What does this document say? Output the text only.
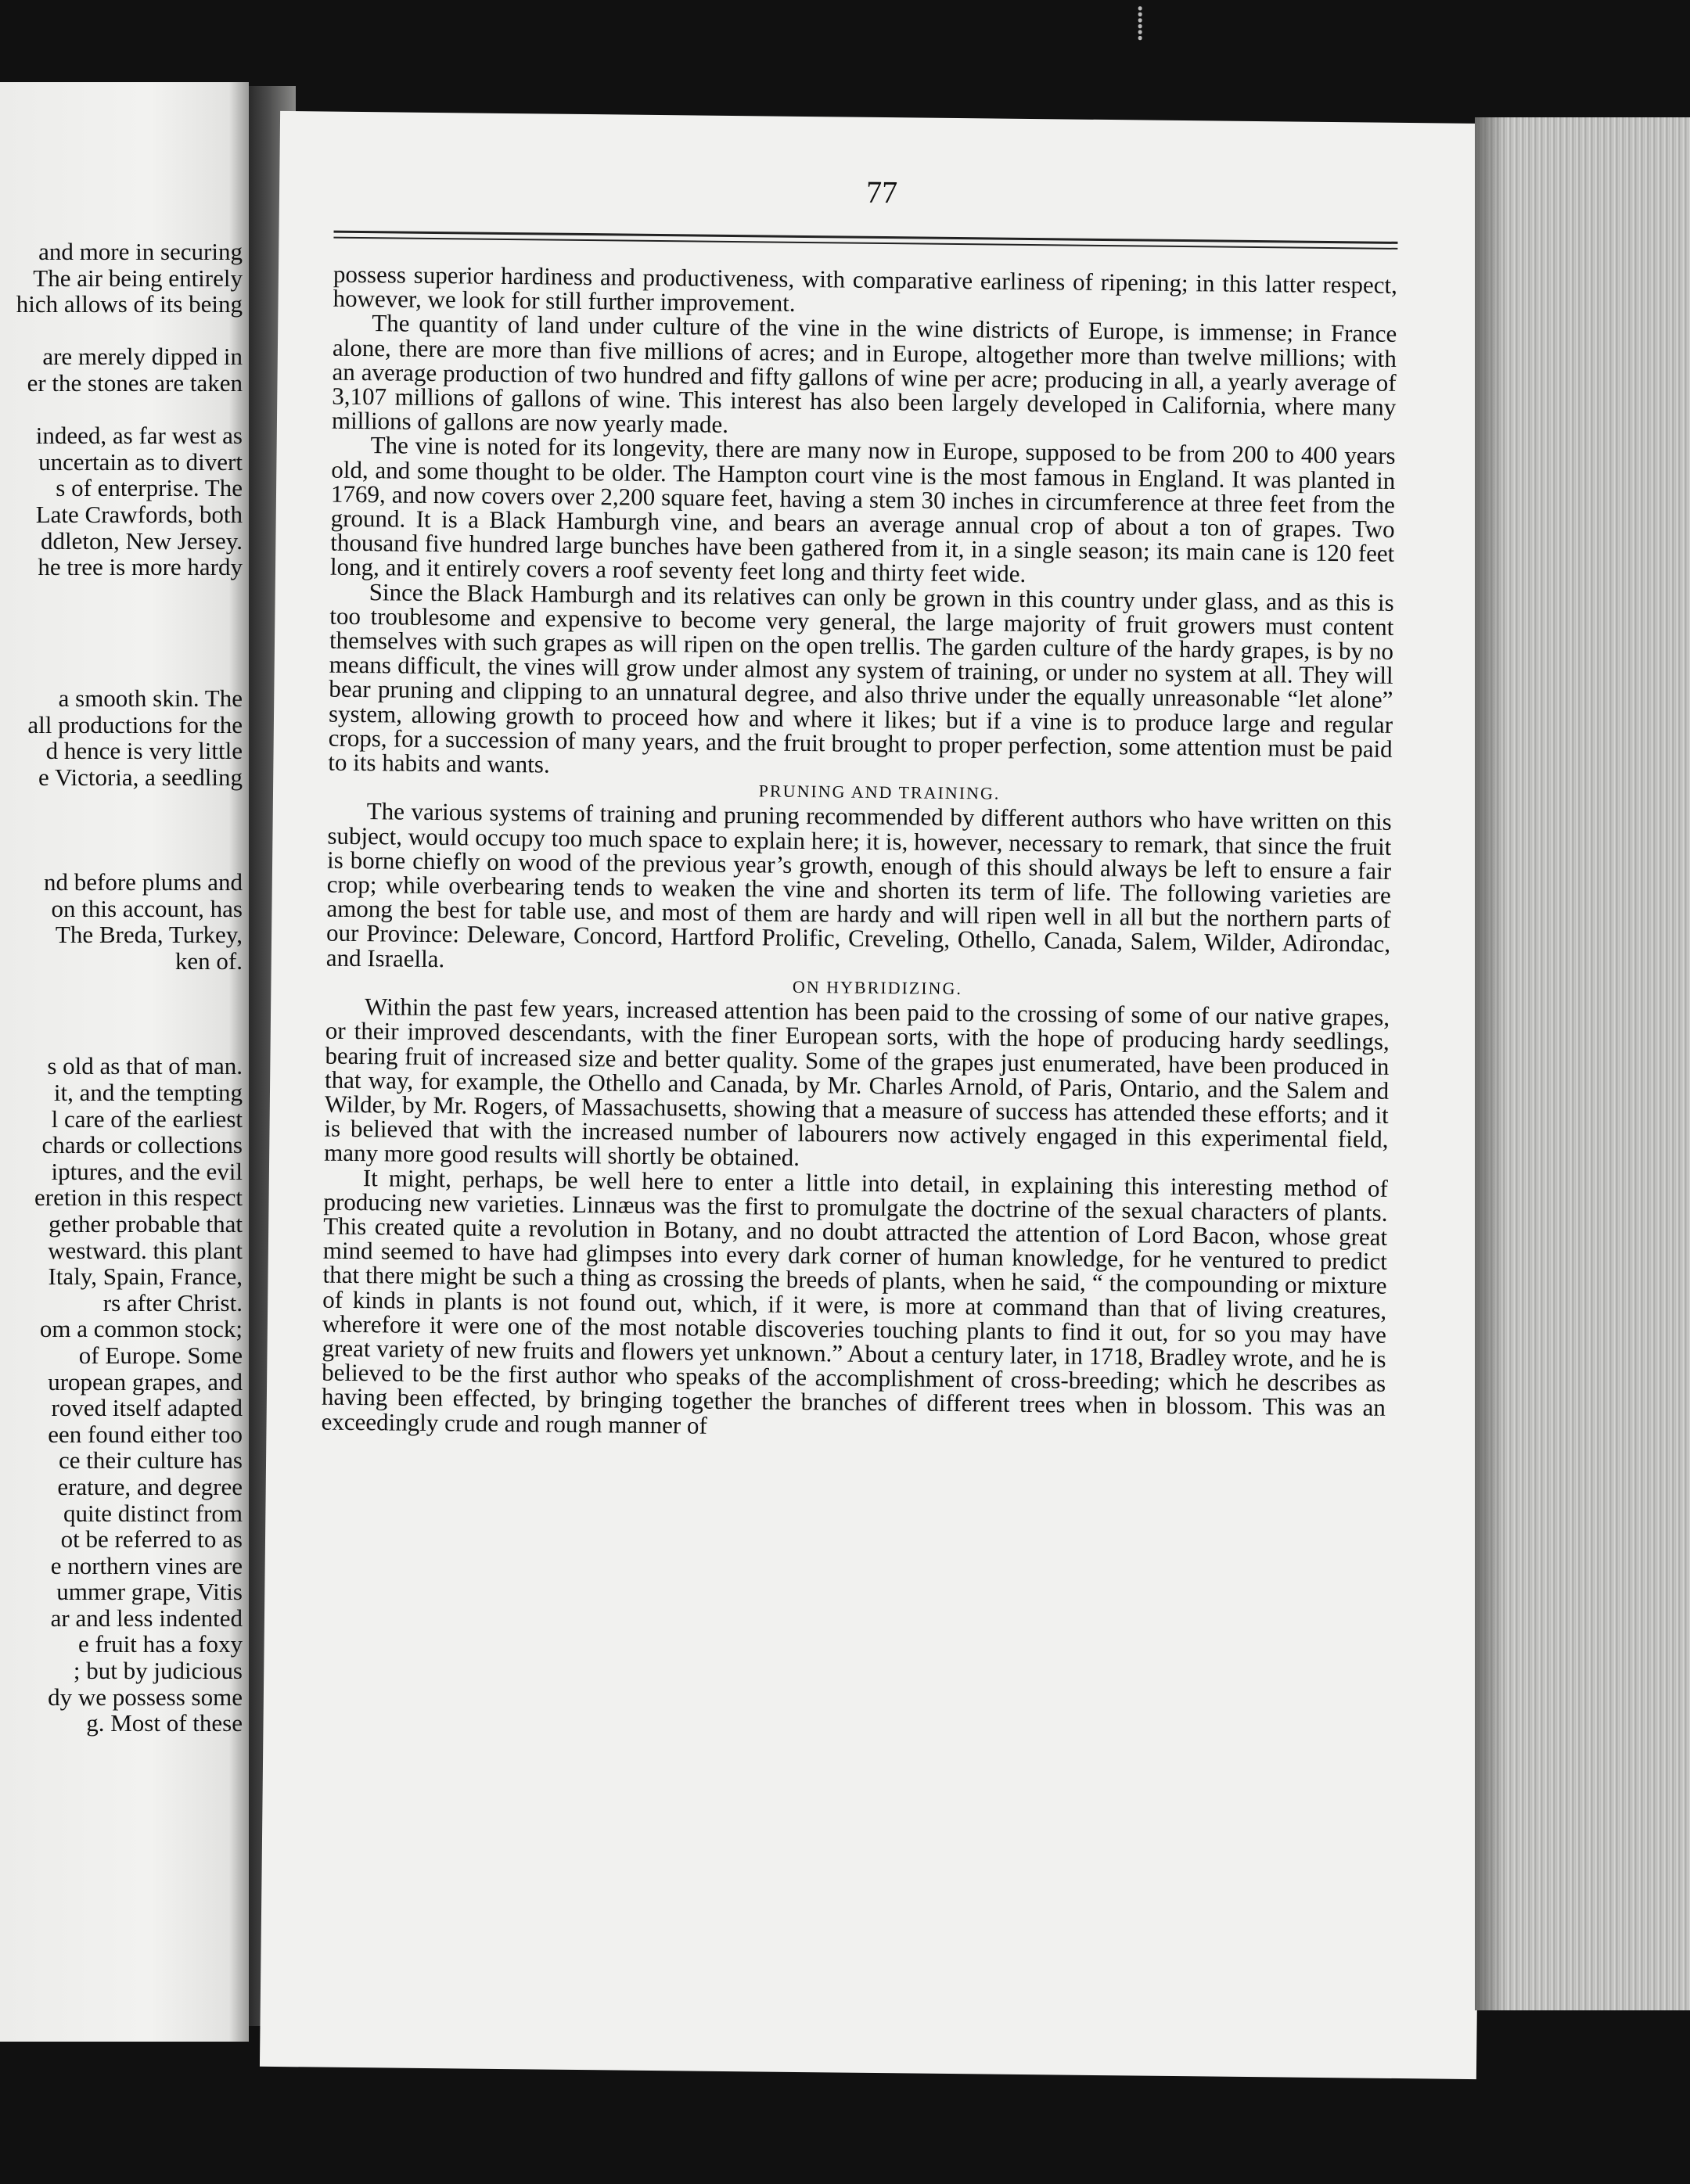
⸽
and more in securing
The air being entirely
hich allows of its being
are merely dipped in
er the stones are taken
indeed, as far west as
uncertain as to divert
s of enterprise. The
Late Crawfords, both
ddleton, New Jersey.
he tree is more hardy
a smooth skin. The
all productions for the
d hence is very little
e Victoria, a seedling
nd before plums and
on this account, has
The Breda, Turkey,
ken of.
s old as that of man.
it, and the tempting
l care of the earliest
chards or collections
iptures, and the evil
eretion in this respect
gether probable that
westward. this plant
Italy, Spain, France,
rs after Christ.
om a common stock;
of Europe. Some
uropean grapes, and
roved itself adapted
een found either too
ce their culture has
erature, and degree
quite distinct from
ot be referred to as
e northern vines are
ummer grape, Vitis
ar and less indented
e fruit has a foxy
; but by judicious
dy we possess some
g. Most of these
77

possess superior hardiness and productiveness, with comparative earliness of ripening; in this latter respect, however, we look for still further improvement.

The quantity of land under culture of the vine in the wine districts of Europe, is immense; in France alone, there are more than five millions of acres; and in Europe, altogether more than twelve millions; with an average production of two hundred and fifty gallons of wine per acre; producing in all, a yearly average of 3,107 millions of gallons of wine. This interest has also been largely developed in California, where many millions of gallons are now yearly made.

The vine is noted for its longevity, there are many now in Europe, supposed to be from 200 to 400 years old, and some thought to be older. The Hampton court vine is the most famous in England. It was planted in 1769, and now covers over 2,200 square feet, having a stem 30 inches in circumference at three feet from the ground. It is a Black Hamburgh vine, and bears an average annual crop of about a ton of grapes. Two thousand five hundred large bunches have been gathered from it, in a single season; its main cane is 120 feet long, and it entirely covers a roof seventy feet long and thirty feet wide.

Since the Black Hamburgh and its relatives can only be grown in this country under glass, and as this is too troublesome and expensive to become very general, the large majority of fruit growers must content themselves with such grapes as will ripen on the open trellis. The garden culture of the hardy grapes, is by no means difficult, the vines will grow under almost any system of training, or under no system at all. They will bear pruning and clipping to an unnatural degree, and also thrive under the equally unreasonable “let alone” system, allowing growth to proceed how and where it likes; but if a vine is to produce large and regular crops, for a succession of many years, and the fruit brought to proper perfection, some attention must be paid to its habits and wants.

PRUNING AND TRAINING.

The various systems of training and pruning recommended by different authors who have written on this subject, would occupy too much space to explain here; it is, however, necessary to remark, that since the fruit is borne chiefly on wood of the previous year’s growth, enough of this should always be left to ensure a fair crop; while overbearing tends to weaken the vine and shorten its term of life. The following varieties are among the best for table use, and most of them are hardy and will ripen well in all but the northern parts of our Province: Deleware, Concord, Hartford Prolific, Creveling, Othello, Canada, Salem, Wilder, Adirondac, and Israella.

ON HYBRIDIZING.

Within the past few years, increased attention has been paid to the crossing of some of our native grapes, or their improved descendants, with the finer European sorts, with the hope of producing hardy seedlings, bearing fruit of increased size and better quality. Some of the grapes just enumerated, have been produced in that way, for example, the Othello and Canada, by Mr. Charles Arnold, of Paris, Ontario, and the Salem and Wilder, by Mr. Rogers, of Massachusetts, showing that a measure of success has attended these efforts; and it is believed that with the increased number of labourers now actively engaged in this experimental field, many more good results will shortly be obtained.

It might, perhaps, be well here to enter a little into detail, in explaining this interesting method of producing new varieties. Linnæus was the first to promulgate the doctrine of the sexual characters of plants. This created quite a revolution in Botany, and no doubt attracted the attention of Lord Bacon, whose great mind seemed to have had glimpses into every dark corner of human knowledge, for he ventured to predict that there might be such a thing as crossing the breeds of plants, when he said, “ the compounding or mixture of kinds in plants is not found out, which, if it were, is more at command than that of living creatures, wherefore it were one of the most notable discoveries touching plants to find it out, for so you may have great variety of new fruits and flowers yet unknown.” About a century later, in 1718, Bradley wrote, and he is believed to be the first author who speaks of the accomplishment of cross-breeding; which he describes as having been effected, by bringing together the branches of different trees when in blossom. This was an exceedingly crude and rough manner of
